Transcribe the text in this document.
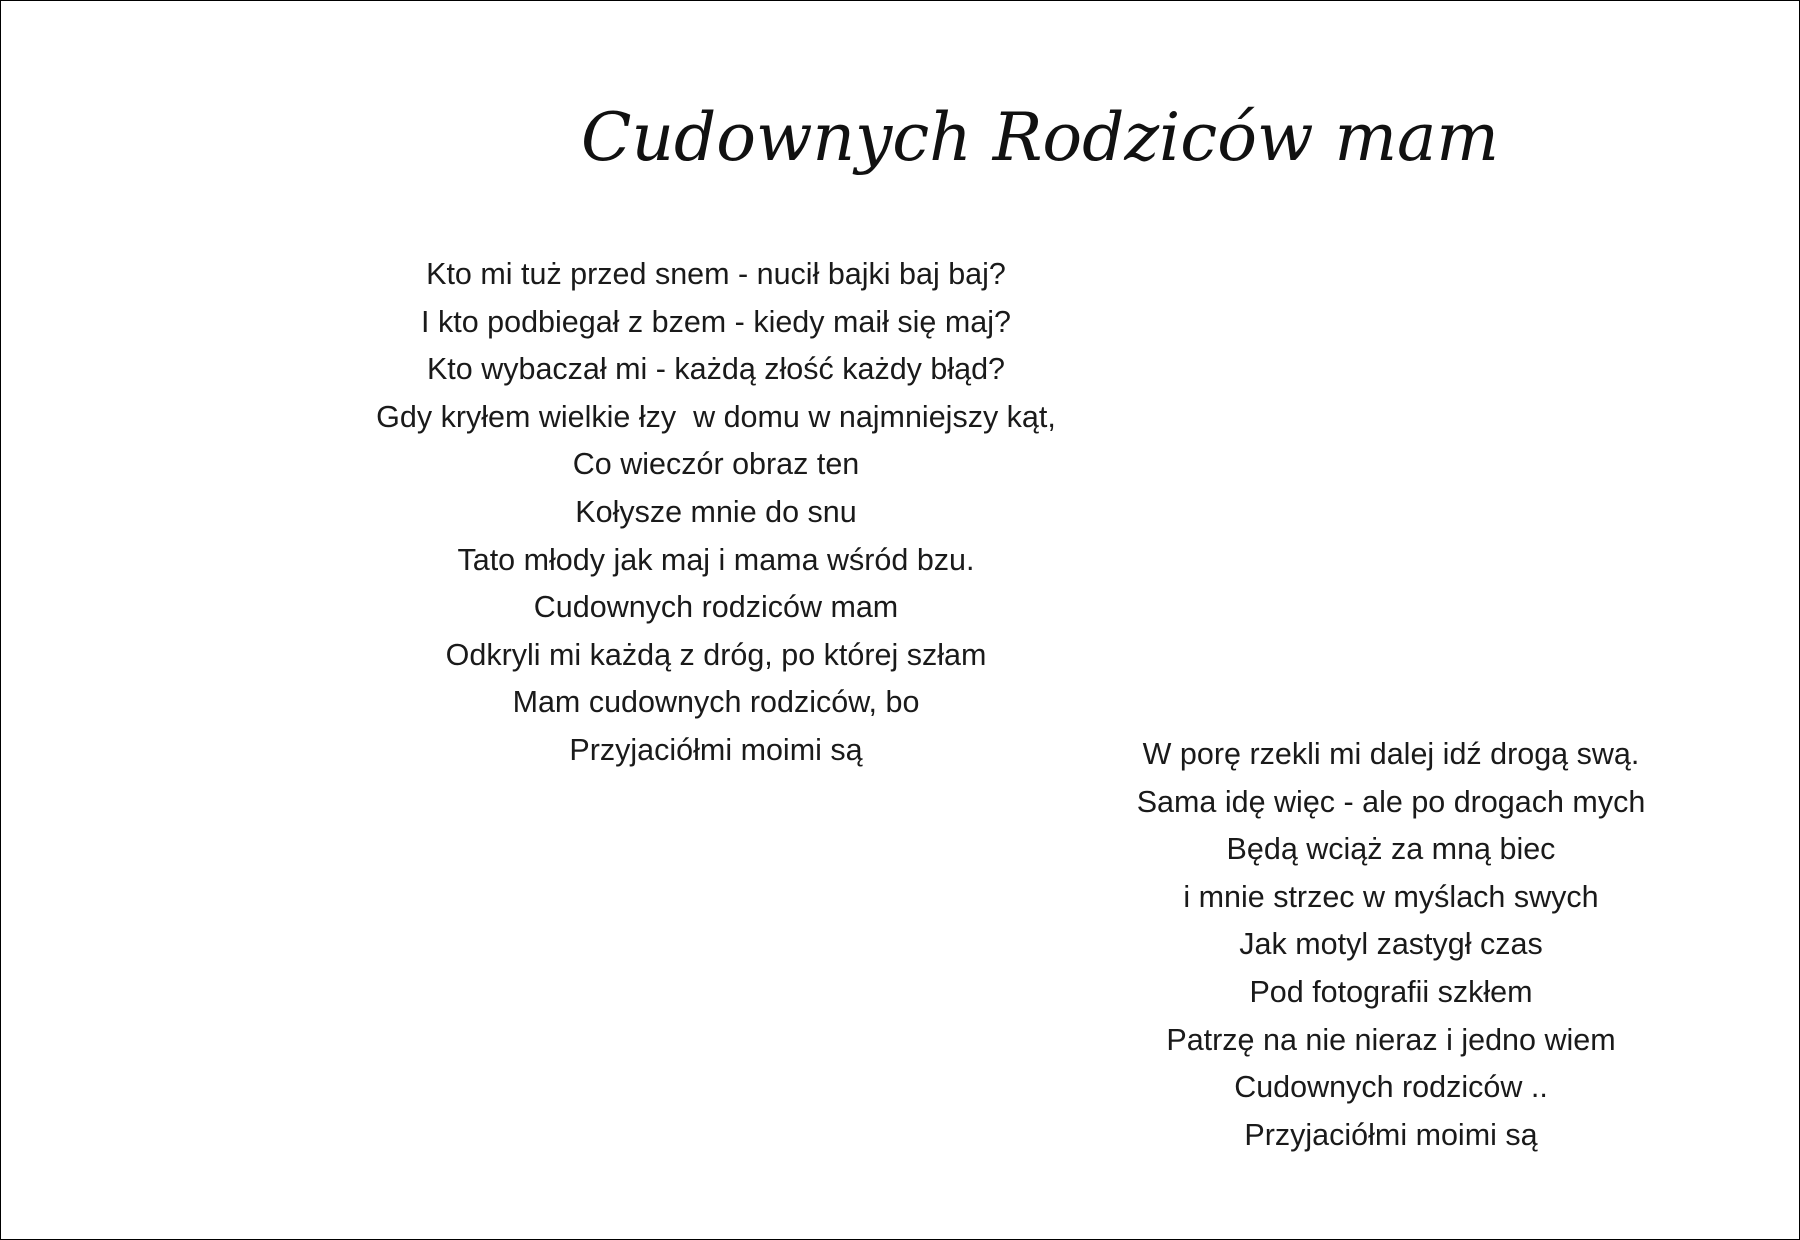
Cudownych Rodziców mam
Kto mi tuż przed snem - nucił bajki baj baj?
I kto podbiegał z bzem - kiedy maił się maj?
Kto wybaczał mi - każdą złość każdy błąd?
Gdy kryłem wielkie łzy  w domu w najmniejszy kąt,
Co wieczór obraz ten
Kołysze mnie do snu
Tato młody jak maj i mama wśród bzu.
Cudownych rodziców mam
Odkryli mi każdą z dróg, po której szłam
Mam cudownych rodziców, bo
Przyjaciółmi moimi są	W porę rzekli mi dalej idź drogą swą.
Sama idę więc - ale po drogach mych
Będą wciąż za mną biec
i mnie strzec w myślach swych
Jak motyl zastygł czas
Pod fotografii szkłem
Patrzę na nie nieraz i jedno wiem
Cudownych rodziców ..
Przyjaciółmi moimi są
